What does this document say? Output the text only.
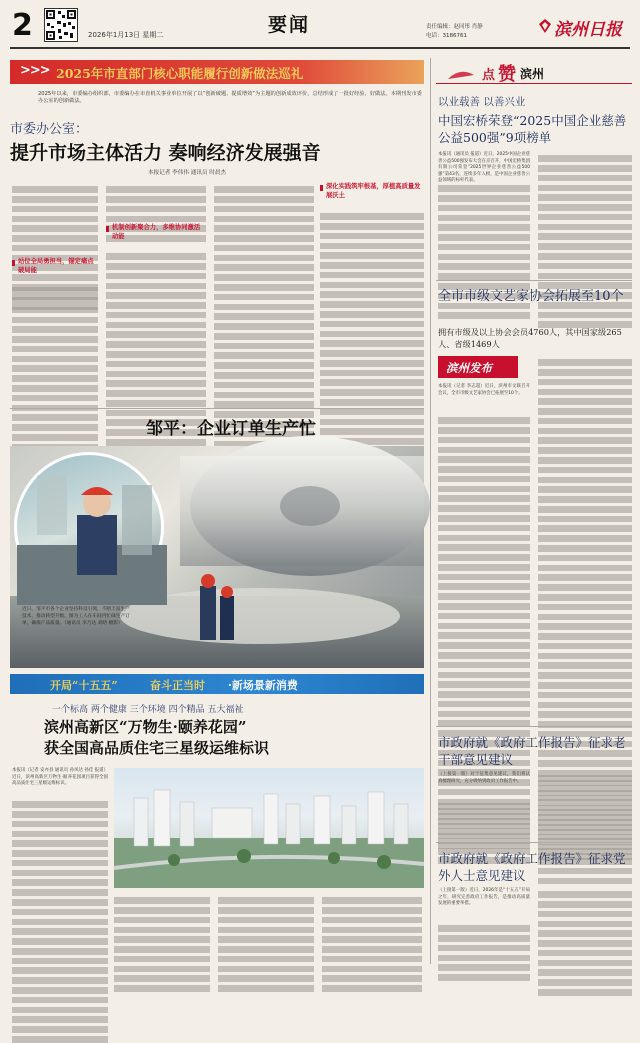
2	2026年1月13日 星期二	要闻	责任编辑：赵同彤 肖静
电话：3186761	滨州日报
>>> 2025年市直部门核心职能履行创新做法巡礼
2025年以来，市委编办组织部，市委编办在市直机关事业单位开展了以“创新破题、提质增效”为主题的创新成效评价，总结形成了一批好经验、好做法。本期刊发市委办公室的创新做法。
市委办公室：
提升市场主体活力 奏响经济发展强音
本报记者 李伟伟 通讯员 时晨杰
站位全局勇担当，锚定痛点破局能
机制创新聚合力，多维协同激活动能
深化实践筑牢根基，厚植高质量发展沃土
点 赞 滨州
以业载善 以善兴业
中国宏桥荣登“2025中国企业慈善公益500强”9项榜单
本报讯（通讯员 报道）近日，2025中国企业慈善公益500强发布大会在京召开，中国宏桥集团有限公司荣登“2025世界企业慈善公益500强”第43名，连续多年入榜，是中国企业慈善公益领域的标杆代表。
全市市级文艺家协会拓展至10个
拥有市级及以上协会会员4760人，其中国家级265人、省级1469人
滨州发布
本报讯（记者 李志超）近日，滨州市文联召开会议，全市市级文艺家协会已拓展至10个。
邹平：企业订单生产忙
近日，邹平市各个企业坚持科技引领，不断丰富生产技术，推动转型升级。图为工人在车间内忙碌生产订单，确保产品质量。（通讯员 李乃达 刘晗 摄影）
开局“十五五”	奋斗正当时 ·新场景新消费
一个标高 两个健康 三个环境 四个精品 五大福祉
滨州高新区“万物生·颐养花园”
获全国高品质住宅三星级运维标识
本报讯（记者 安亦县 通讯员 孙凤达 孙佳 报道）近日，滨州高新区万物生·颐养花园项目获得全国高品质住宅三星级运维标识。
市政府就《政府工作报告》征求老干部意见建议
（上接第一版）对于征集意见建议，我们将认真梳理研究，充分吸纳到政府工作报告中。
市政府就《政府工作报告》征求党外人士意见建议
（上接第一版）近日，2026年是“十五五”开局之年，研究完善政府工作报告，是推动高质量发展的重要举措。
